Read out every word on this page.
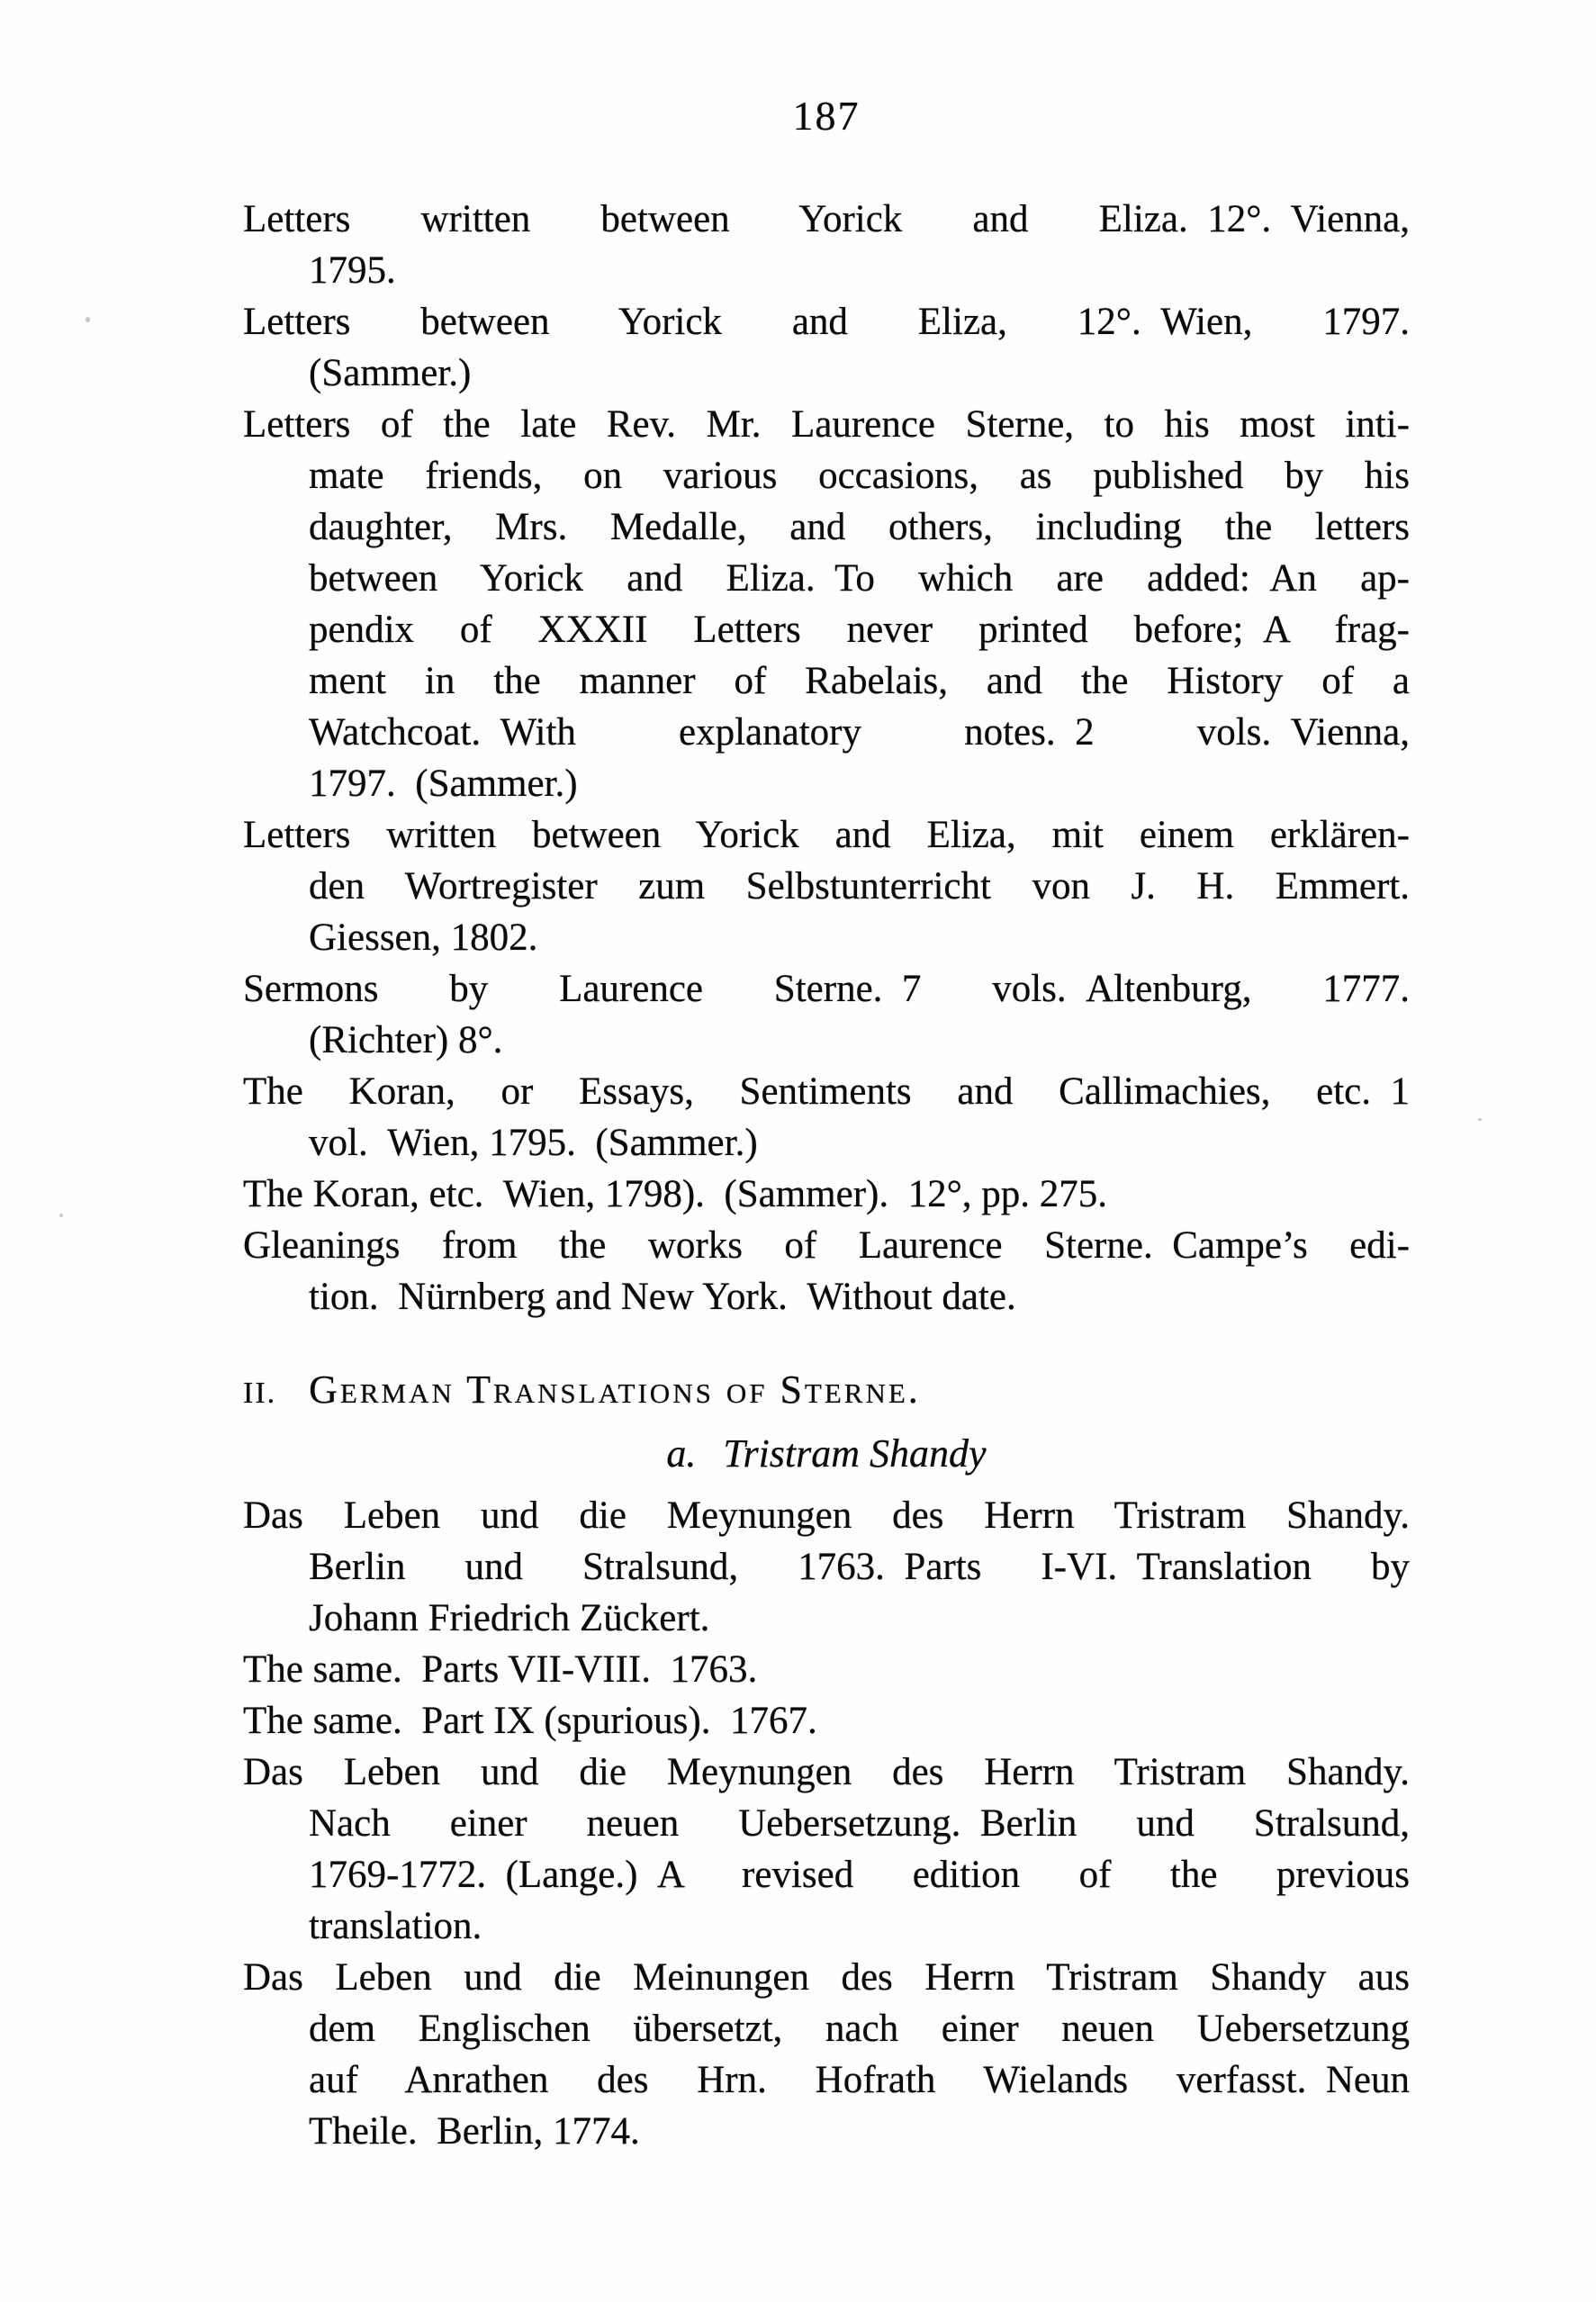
187
Letters written between Yorick and Eliza. 12°. Vienna,
1795.
Letters between Yorick and Eliza, 12°. Wien, 1797.
(Sammer.)
Letters of the late Rev. Mr. Laurence Sterne, to his most inti-
mate friends, on various occasions, as published by his
daughter, Mrs. Medalle, and others, including the letters
between Yorick and Eliza. To which are added: An ap-
pendix of XXXII Letters never printed before; A frag-
ment in the manner of Rabelais, and the History of a
Watchcoat. With explanatory notes. 2 vols. Vienna,
1797. (Sammer.)
Letters written between Yorick and Eliza, mit einem erklären-
den Wortregister zum Selbstunterricht von J. H. Emmert.
Giessen, 1802.
Sermons by Laurence Sterne. 7 vols. Altenburg, 1777.
(Richter) 8°.
The Koran, or Essays, Sentiments and Callimachies, etc. 1
vol. Wien, 1795. (Sammer.)
The Koran, etc. Wien, 1798). (Sammer). 12°, pp. 275.
Gleanings from the works of Laurence Sterne. Campe’s edi-
tion. Nürnberg and New York. Without date.
II. German Translations of Sterne.
a. Tristram Shandy
Das Leben und die Meynungen des Herrn Tristram Shandy.
Berlin und Stralsund, 1763. Parts I-VI. Translation by
Johann Friedrich Zückert.
The same. Parts VII-VIII. 1763.
The same. Part IX (spurious). 1767.
Das Leben und die Meynungen des Herrn Tristram Shandy.
Nach einer neuen Uebersetzung. Berlin und Stralsund,
1769-1772. (Lange.) A revised edition of the previous
translation.
Das Leben und die Meinungen des Herrn Tristram Shandy aus
dem Englischen übersetzt, nach einer neuen Uebersetzung
auf Anrathen des Hrn. Hofrath Wielands verfasst. Neun
Theile. Berlin, 1774.
